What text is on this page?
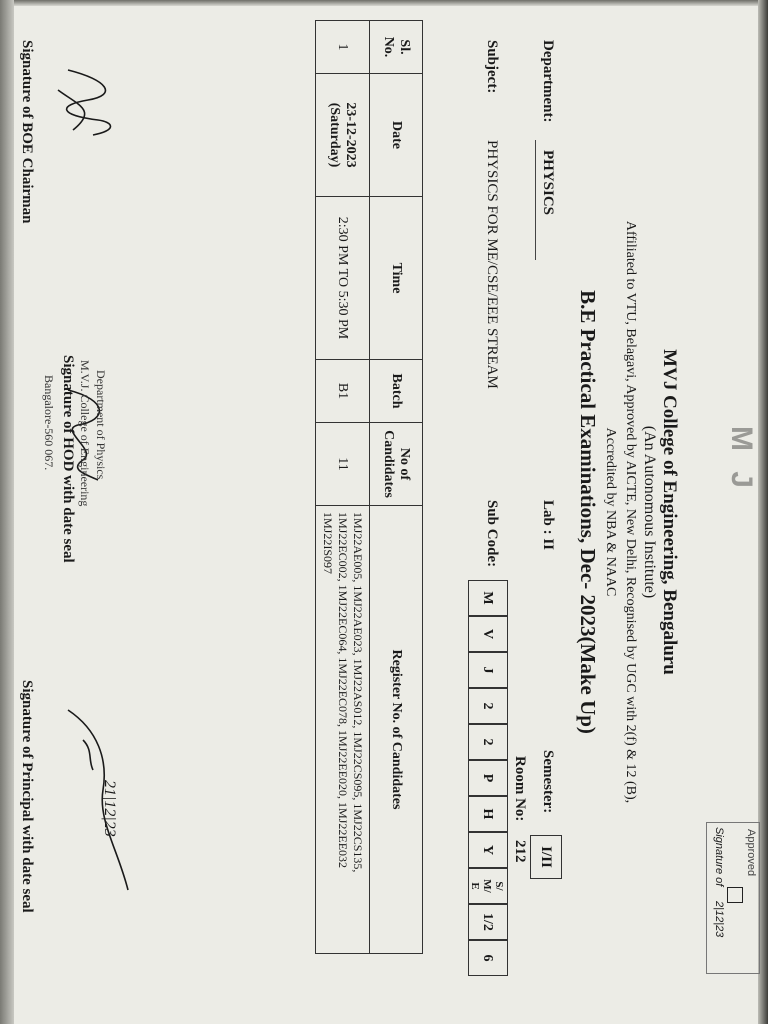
M J
Approved
Signature of
2|12|23
MVJ College of Engineering, Bengaluru
(An Autonomous Institute)
Affiliated to VTU, Belagavi, Approved by AICTE, New Delhi, Recognised by UGC with 2(f) & 12 (B),
Accredited by NBA & NAAC
B.E Practical Examinations, Dec- 2023(Make Up)
Department:
PHYSICS
Lab : II
Semester:
I/II
Subject:
PHYSICS FOR ME/CSE/EEE STREAM
Sub Code:
M
V
J
2
2
P
H
Y
S/
M/
E
1/2
6
Room No:
212
Sl.
No.	Date	Time	Batch	No of
Candidates	Register No. of Candidates
1	23-12-2023
(Saturday)	2:30 PM TO 5:30 PM	B1	11	1MJ22AE005, 1MJ22AE023, 1MJ22AS012, 1MJ22CS095, 1MJ22CS135,
1MJ22EC002, 1MJ22EC064, 1MJ22EC078, 1MJ22EE020, 1MJ22EE032
1MJ22IS097
Signature of BOE Chairman
Department of Physics
M.V.J. College of Engineering
Signature of HOD with date seal
Bangalore-560 067.
21|12|23
Signature of Principal with date seal
